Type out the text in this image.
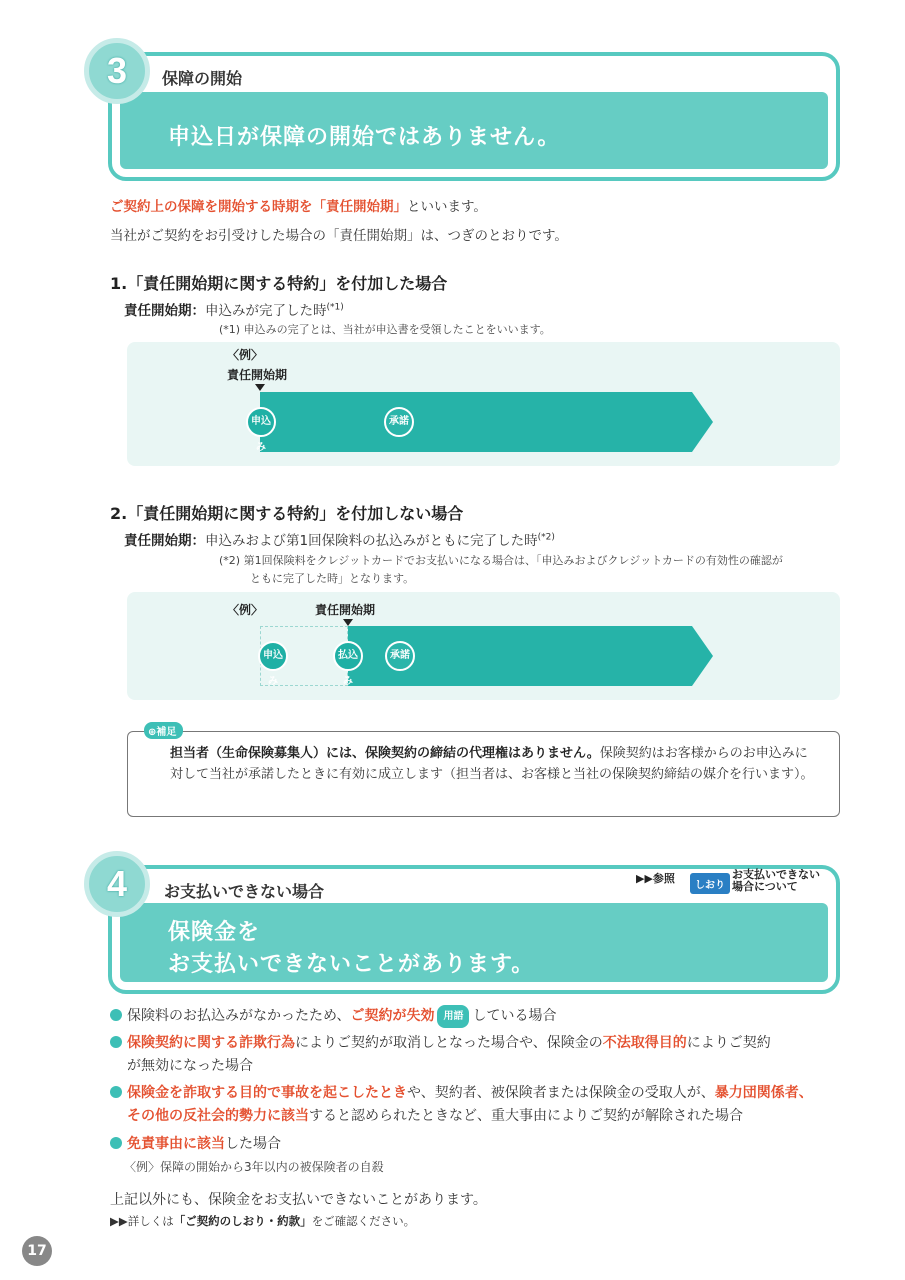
保障の開始
申込日が保障の開始ではありません。
3
ご契約上の保障を開始する時期を「責任開始期」といいます。
当社がご契約をお引受けした場合の「責任開始期」は、つぎのとおりです。
1.「責任開始期に関する特約」を付加した場合
責任開始期：申込みが完了した時$^{(*1)}$
(*1) 申込みの完了とは、当社が申込書を受領したことをいいます。
〈例〉
責任開始期
申込み
承諾
2.「責任開始期に関する特約」を付加しない場合
責任開始期：申込みおよび第1回保険料の払込みがともに完了した時$^{(*2)}$
(*2) 第1回保険料をクレジットカードでお支払いになる場合は、「申込みおよびクレジットカードの有効性の確認が
ともに完了した時」となります。
〈例〉	責任開始期
申込み
払込み
承諾
⊕補足
担当者（生命保険募集人）には、保険契約の締結の代理権はありません。保険契約はお客様からのお申込みに対して当社が承諾したときに有効に成立します（担当者は、お客様と当社の保険契約締結の媒介を行います）。
お支払いできない場合
保険金を
お支払いできないことがあります。
4	▶▶参照
しおり
お支払いできない
場合について
保険料のお払込みがなかったため、ご契約が失効 用語 している場合
保険契約に関する詐欺行為によりご契約が取消しとなった場合や、保険金の不法取得目的によりご契約
が無効になった場合
保険金を詐取する目的で事故を起こしたときや、契約者、被保険者または保険金の受取人が、暴力団関係者、
その他の反社会的勢力に該当すると認められたときなど、重大事由によりご契約が解除された場合
免責事由に該当した場合
〈例〉保障の開始から3年以内の被保険者の自殺
上記以外にも、保険金をお支払いできないことがあります。
▶▶詳しくは「ご契約のしおり・約款」をご確認ください。
17
